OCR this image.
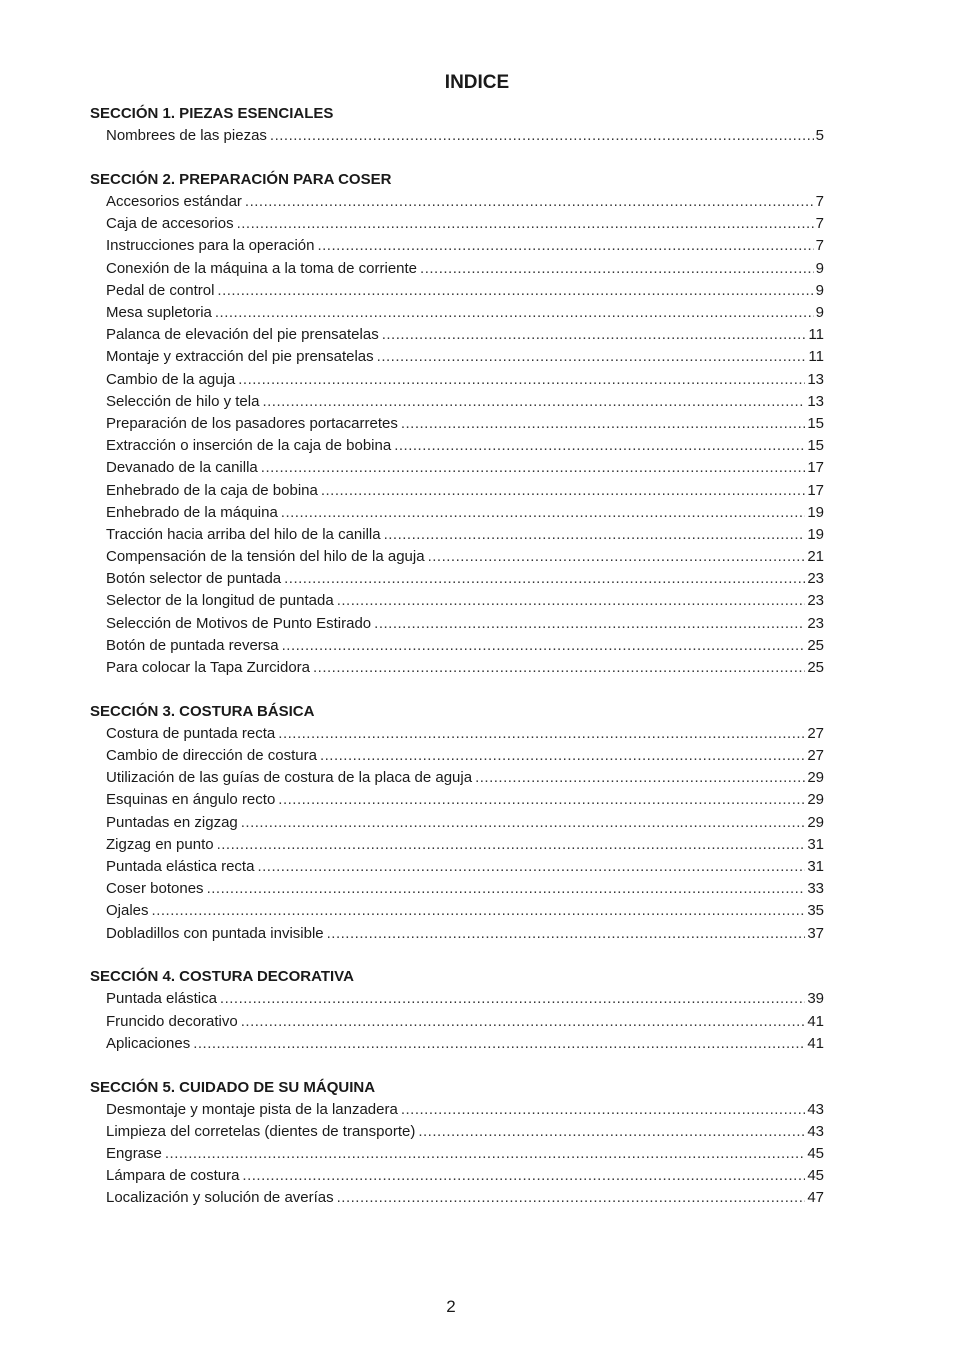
INDICE
SECCIÓN 1. PIEZAS ESENCIALES
Nombrees de las piezas .....	5
SECCIÓN 2. PREPARACIÓN PARA COSER
Accesorios estándar .....	7
Caja de accesorios .....	7
Instrucciones para la operación .....	7
Conexión de la máquina a la toma de corriente .....	9
Pedal de control .....	9
Mesa supletoria .....	9
Palanca de elevación del pie prensatelas .....	11
Montaje y extracción del pie prensatelas .....	11
Cambio de la aguja .....	13
Selección de hilo y tela .....	13
Preparación de los pasadores portacarretes .....	15
Extracción o inserción de la caja de bobina .....	15
Devanado de la canilla .....	17
Enhebrado de la caja de bobina .....	17
Enhebrado de la máquina .....	19
Tracción hacia arriba del hilo de la canilla .....	19
Compensación de la tensión del hilo de la aguja .....	21
Botón selector de puntada .....	23
Selector de la longitud de puntada .....	23
Selección de Motivos de Punto Estirado .....	23
Botón de puntada reversa .....	25
Para colocar la Tapa Zurcidora .....	25
SECCIÓN 3. COSTURA BÁSICA
Costura de puntada recta .....	27
Cambio de dirección de costura .....	27
Utilización de las guías de costura de la placa de aguja .....	29
Esquinas en ángulo recto .....	29
Puntadas en zigzag .....	29
Zigzag en punto .....	31
Puntada elástica recta .....	31
Coser botones .....	33
Ojales .....	35
Dobladillos con puntada invisible .....	37
SECCIÓN 4. COSTURA DECORATIVA
Puntada elástica .....	39
Fruncido decorativo .....	41
Aplicaciones .....	41
SECCIÓN 5. CUIDADO DE SU MÁQUINA
Desmontaje y montaje pista de la lanzadera .....	43
Limpieza del corretelas (dientes de transporte) .....	43
Engrase .....	45
Lámpara de costura .....	45
Localización y solución de averías .....	47
2
